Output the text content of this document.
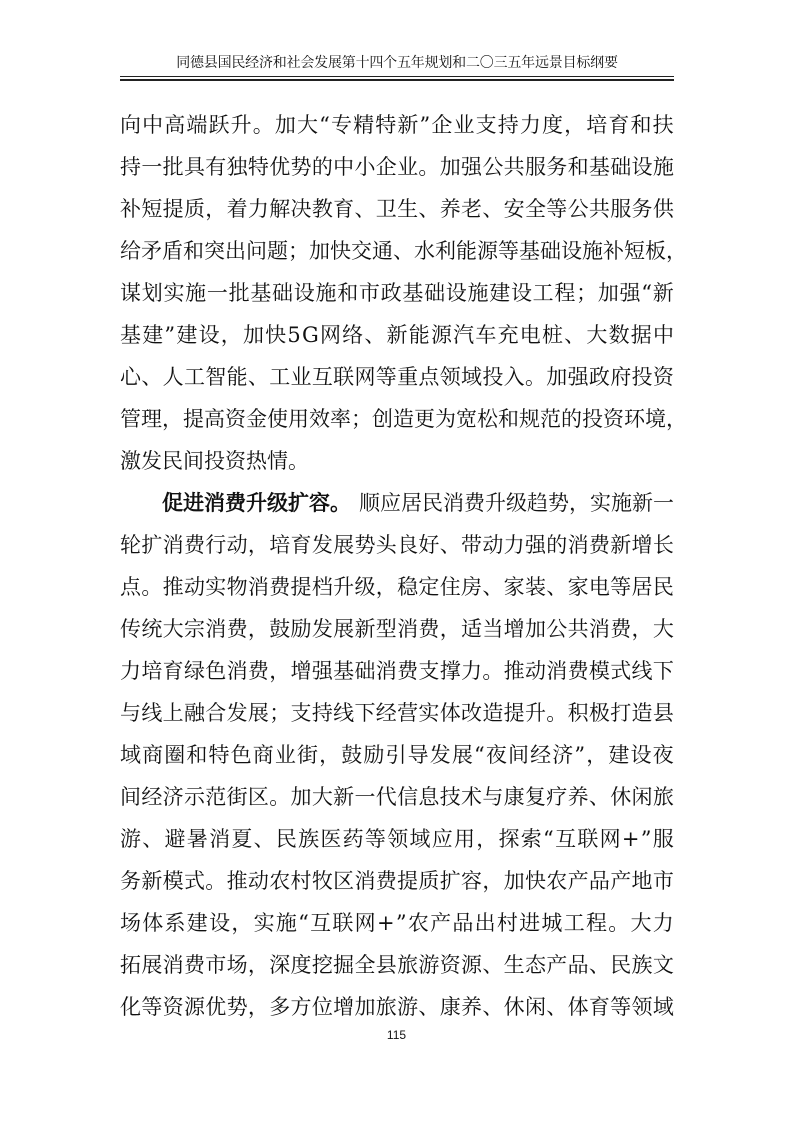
同德县国民经济和社会发展第十四个五年规划和二〇三五年远景目标纲要
向 中 高 端 跃 升 。 加 大 “ 专 精 特 新 ” 企 业 支 持 力 度 ， 培 育 和 扶
持 一 批 具 有 独 特 优 势 的 中 小 企 业 。 加 强 公 共 服 务 和 基 础 设 施
补 短 提 质 ， 着 力 解 决 教 育 、 卫 生 、 养 老 、 安 全 等 公 共 服 务 供
给 矛 盾 和 突 出 问 题 ； 加 快 交 通 、 水 利 能 源 等 基 础 设 施 补 短 板 ，
谋 划 实 施 一 批 基 础 设 施 和 市 政 基 础 设 施 建 设 工 程 ； 加 强 “ 新
基 建 ” 建 设 ， 加 快 5 G 网 络 、 新 能 源 汽 车 充 电 桩 、 大 数 据 中
心 、 人 工 智 能 、 工 业 互 联 网 等 重 点 领 域 投 入 。 加 强 政 府 投 资
管 理 ， 提 高 资 金 使 用 效 率 ； 创 造 更 为 宽 松 和 规 范 的 投 资 环 境 ，
激发民间投资热情。
促进消费升级扩容。 顺应居民消费升级趋势，实施新一
轮 扩 消 费 行 动 ， 培 育 发 展 势 头 良 好 、 带 动 力 强 的 消 费 新 增 长
点 。 推 动 实 物 消 费 提 档 升 级 ， 稳 定 住 房 、 家 装 、 家 电 等 居 民
传 统 大 宗 消 费 ， 鼓 励 发 展 新 型 消 费 ， 适 当 增 加 公 共 消 费 ， 大
力 培 育 绿 色 消 费 ， 增 强 基 础 消 费 支 撑 力 。 推 动 消 费 模 式 线 下
与 线 上 融 合 发 展 ； 支 持 线 下 经 营 实 体 改 造 提 升 。 积 极 打 造 县
域 商 圈 和 特 色 商 业 街 ， 鼓 励 引 导 发 展 “ 夜 间 经 济 ” ， 建 设 夜
间 经 济 示 范 街 区 。 加 大 新 一 代 信 息 技 术 与 康 复 疗 养 、 休 闲 旅
游 、 避 暑 消 夏 、 民 族 医 药 等 领 域 应 用 ， 探 索 “ 互 联 网 + ” 服
务 新 模 式 。 推 动 农 村 牧 区 消 费 提 质 扩 容 ， 加 快 农 产 品 产 地 市
场 体 系 建 设 ， 实 施 “ 互 联 网 + ” 农 产 品 出 村 进 城 工 程 。 大 力
拓 展 消 费 市 场 ， 深 度 挖 掘 全 县 旅 游 资 源 、 生 态 产 品 、 民 族 文
化 等 资 源 优 势 ， 多 方 位 增 加 旅 游 、 康 养 、 休 闲 、 体 育 等 领 域
115
